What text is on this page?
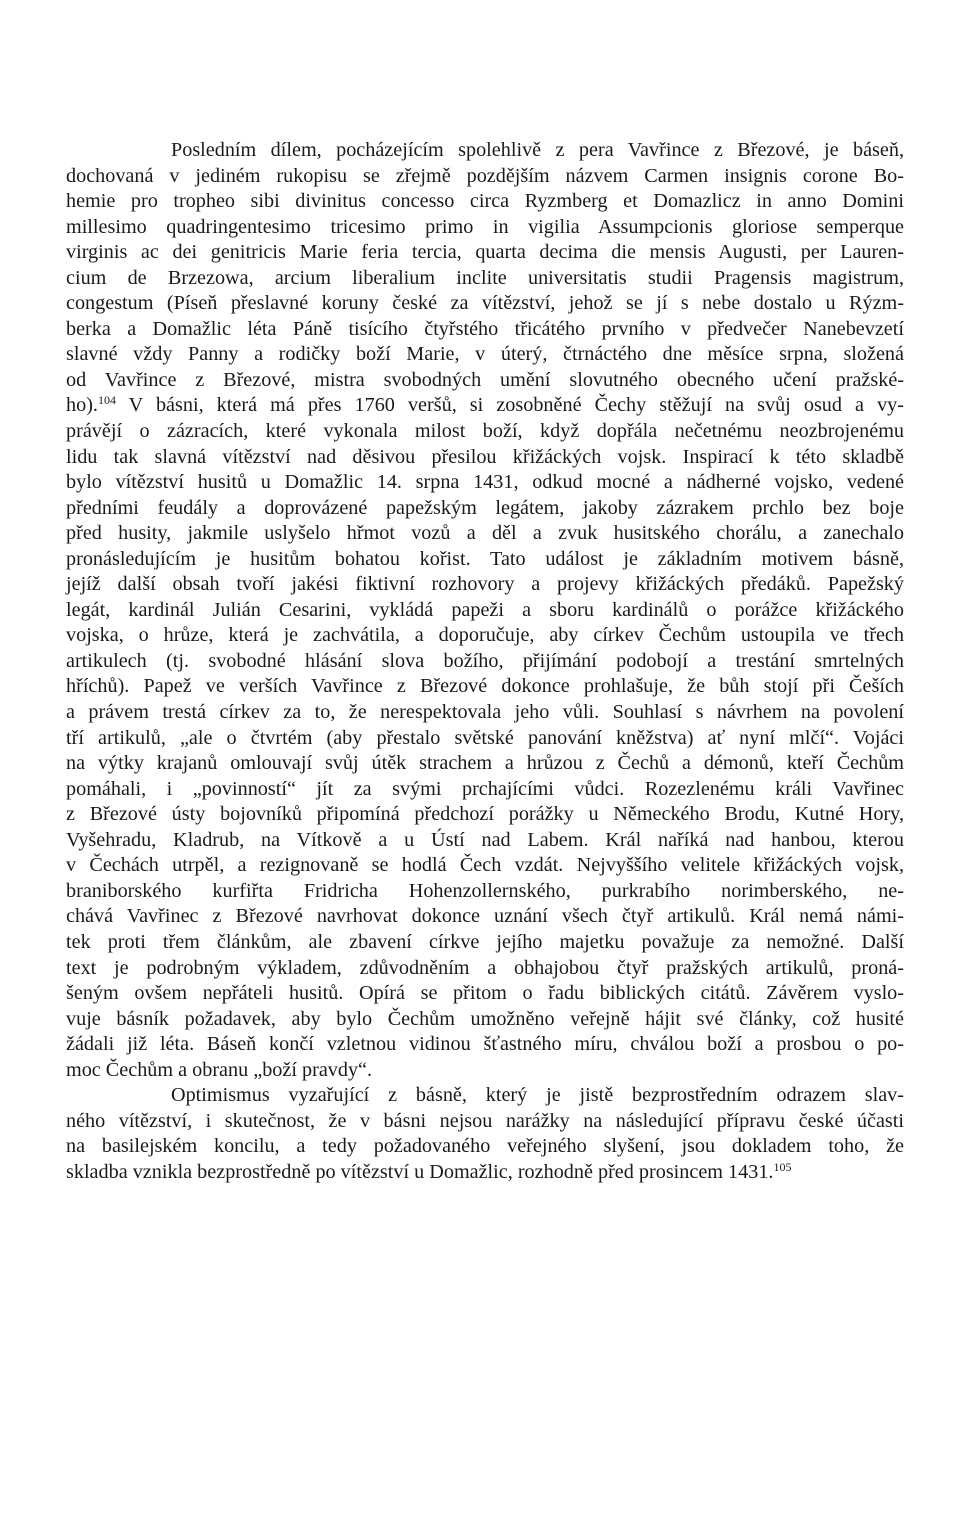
Posledním dílem, pocházejícím spolehlivě z pera Vavřince z Březové, je báseň,
dochovaná v jediném rukopisu se zřejmě pozdějším názvem Carmen insignis corone Bo-
hemie pro tropheo sibi divinitus concesso circa Ryzmberg et Domazlicz in anno Domini
millesimo quadringentesimo tricesimo primo in vigilia Assumpcionis gloriose semperque
virginis ac dei genitricis Marie feria tercia, quarta decima die mensis Augusti, per Lauren-
cium de Brzezowa, arcium liberalium inclite universitatis studii Pragensis magistrum,
congestum (Píseň přeslavné koruny české za vítězství, jehož se jí s nebe dostalo u Rýzm-
berka a Domažlic léta Páně tisícího čtyřstého třicátého prvního v předvečer Nanebevzetí
slavné vždy Panny a rodičky boží Marie, v úterý, čtrnáctého dne měsíce srpna, složená
od Vavřince z Březové, mistra svobodných umění slovutného obecného učení pražské-
ho).$^{104}$ V básni, která má přes 1760 veršů, si zosobněné Čechy stěžují na svůj osud a vy-
právějí o zázracích, které vykonala milost boží, když dopřála nečetnému neozbrojenému
lidu tak slavná vítězství nad děsivou přesilou křižáckých vojsk. Inspirací k této skladbě
bylo vítězství husitů u Domažlic 14. srpna 1431, odkud mocné a nádherné vojsko, vedené
předními feudály a doprovázené papežským legátem, jakoby zázrakem prchlo bez boje
před husity, jakmile uslyšelo hřmot vozů a děl a zvuk husitského chorálu, a zanechalo
pronásledujícím je husitům bohatou kořist. Tato událost je základním motivem básně,
jejíž další obsah tvoří jakési fiktivní rozhovory a projevy křižáckých předáků. Papežský
legát, kardinál Julián Cesarini, vykládá papeži a sboru kardinálů o porážce křižáckého
vojska, o hrůze, která je zachvátila, a doporučuje, aby církev Čechům ustoupila ve třech
artikulech (tj. svobodné hlásání slova božího, přijímání podobojí a trestání smrtelných
hříchů). Papež ve verších Vavřince z Březové dokonce prohlašuje, že bůh stojí při Češích
a právem trestá církev za to, že nerespektovala jeho vůli. Souhlasí s návrhem na povolení
tří artikulů, „ale o čtvrtém (aby přestalo světské panování kněžstva) ať nyní mlčí“. Vojáci
na výtky krajanů omlouvají svůj útěk strachem a hrůzou z Čechů a démonů, kteří Čechům
pomáhali, i „povinností“ jít za svými prchajícími vůdci. Rozezlenému králi Vavřinec
z Březové ústy bojovníků připomíná předchozí porážky u Německého Brodu, Kutné Hory,
Vyšehradu, Kladrub, na Vítkově a u Ústí nad Labem. Král naříká nad hanbou, kterou
v Čechách utrpěl, a rezignovaně se hodlá Čech vzdát. Nejvyššího velitele křižáckých vojsk,
braniborského kurfiřta Fridricha Hohenzollernského, purkrabího norimberského, ne-
chává Vavřinec z Březové navrhovat dokonce uznání všech čtyř artikulů. Král nemá námi-
tek proti třem článkům, ale zbavení církve jejího majetku považuje za nemožné. Další
text je podrobným výkladem, zdůvodněním a obhajobou čtyř pražských artikulů, proná-
šeným ovšem nepřáteli husitů. Opírá se přitom o řadu biblických citátů. Závěrem vyslo-
vuje básník požadavek, aby bylo Čechům umožněno veřejně hájit své články, což husité
žádali již léta. Báseň končí vzletnou vidinou šťastného míru, chválou boží a prosbou o po-
moc Čechům a obranu „boží pravdy“.
Optimismus vyzařující z básně, který je jistě bezprostředním odrazem slav-
ného vítězství, i skutečnost, že v básni nejsou narážky na následující přípravu české účasti
na basilejském koncilu, a tedy požadovaného veřejného slyšení, jsou dokladem toho, že
skladba vznikla bezprostředně po vítězství u Domažlic, rozhodně před prosincem 1431.$^{105}$
